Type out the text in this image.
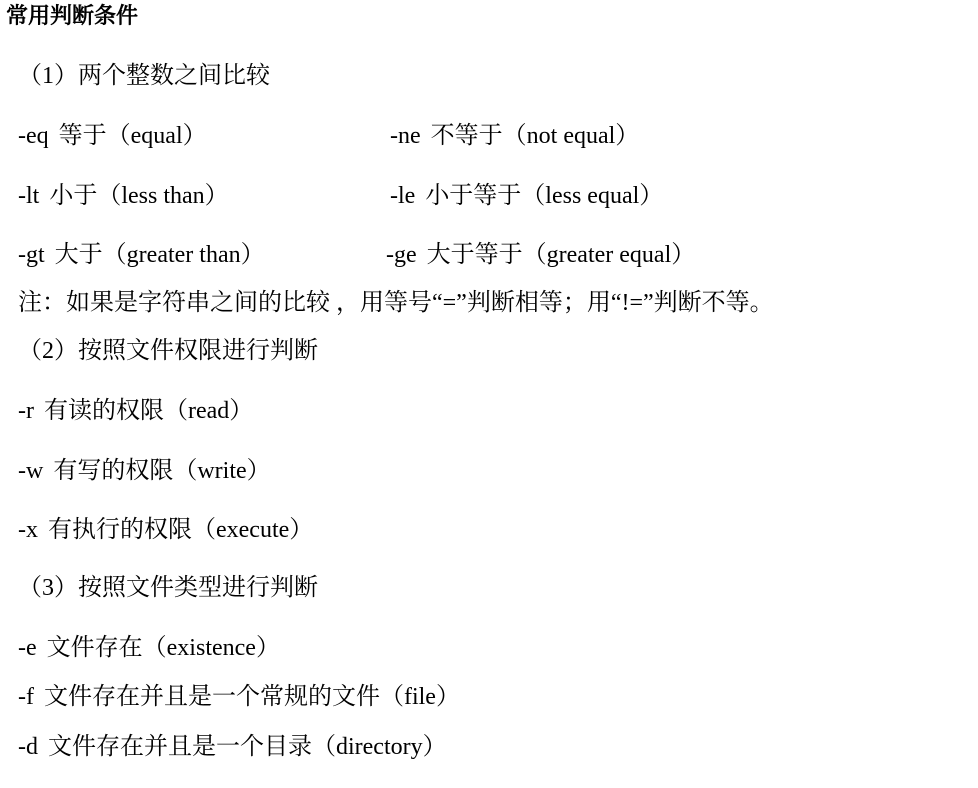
常用判断条件
（1）两个整数之间比较
-eq 等于（equal）	-ne 不等于（not equal）
-lt 小于（less than）	-le 小于等于（less equal）
-gt 大于（greater than）	-ge 大于等于（greater equal）
注：如果是字符串之间的比较 ，用等号“=”判断相等；用“!=”判断不等。
（2）按照文件权限进行判断
-r 有读的权限（read）
-w 有写的权限（write）
-x 有执行的权限（execute）
（3）按照文件类型进行判断
-e 文件存在（existence）
-f 文件存在并且是一个常规的文件（file）
-d 文件存在并且是一个目录（directory）
